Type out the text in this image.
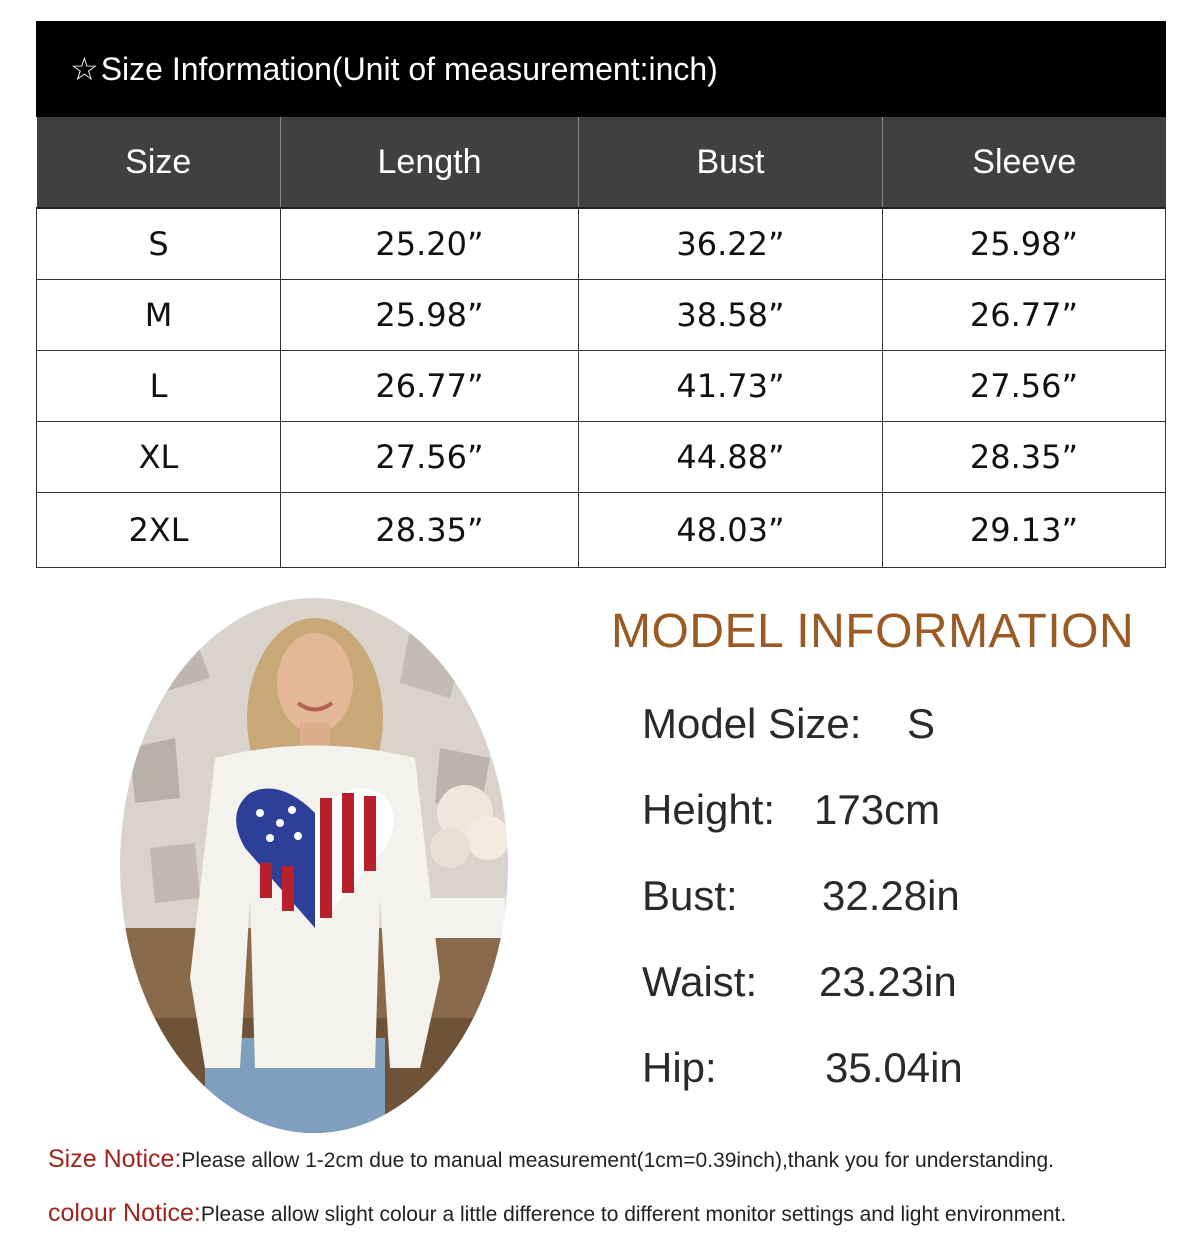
☆ Size Information(Unit of measurement:inch)
Size	Length	Bust	Sleeve
S	25.20”	36.22”	25.98”
M	25.98”	38.58”	26.77”
L	26.77”	41.73”	27.56”
XL	27.56”	44.88”	28.35”
2XL	28.35”	48.03”	29.13”
MODEL INFORMATION
Model Size: S
Height: 173cm
Bust: 32.28in
Waist: 23.23in
Hip:	35.04in
Size Notice:Please allow 1-2cm due to manual measurement(1cm=0.39inch),thank you for understanding.
colour Notice:Please allow slight colour a little difference to different monitor settings and light environment.
